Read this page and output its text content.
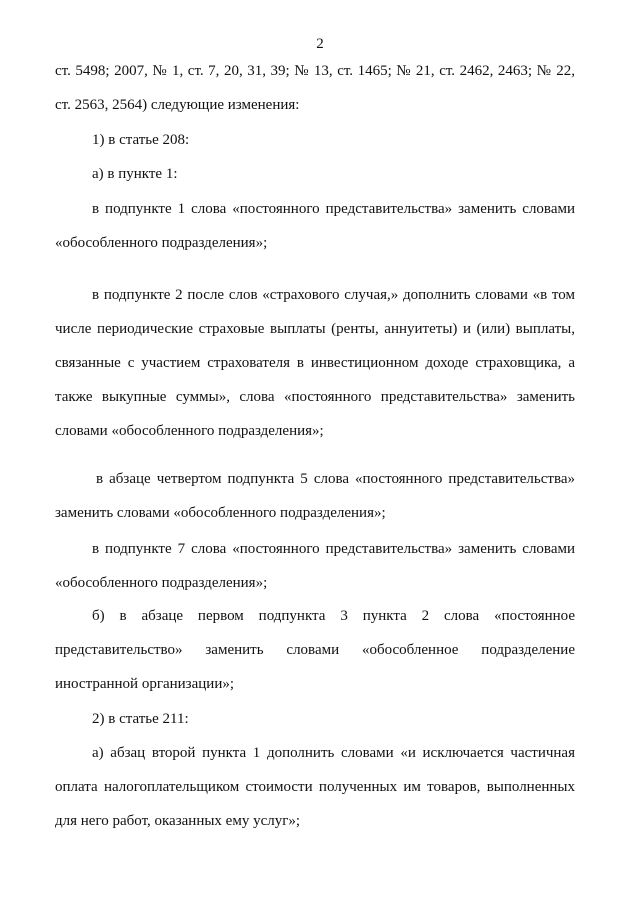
2
ст. 5498; 2007, № 1, ст. 7, 20, 31, 39; № 13, ст. 1465; № 21, ст. 2462, 2463; № 22,
ст. 2563, 2564) следующие изменения:
1) в статье 208:
а) в пункте 1:
в подпункте 1 слова «постоянного представительства» заменить словами
«обособленного подразделения»;
в подпункте 2 после слов «страхового случая,» дополнить словами «в том
числе периодические страховые выплаты (ренты, аннуитеты) и (или) выплаты,
связанные с участием страхователя в инвестиционном доходе страховщика, а
также выкупные суммы», слова «постоянного представительства» заменить
словами «обособленного подразделения»;
в абзаце четвертом подпункта 5 слова «постоянного представительства»
заменить словами «обособленного подразделения»;
в подпункте 7 слова «постоянного представительства» заменить словами
«обособленного подразделения»;
б) в абзаце первом подпункта 3 пункта 2 слова «постоянное
представительство» заменить словами «обособленное подразделение
иностранной организации»;
2) в статье 211:
а) абзац второй пункта 1 дополнить словами «и исключается частичная
оплата налогоплательщиком стоимости полученных им товаров, выполненных
для него работ, оказанных ему услуг»;
